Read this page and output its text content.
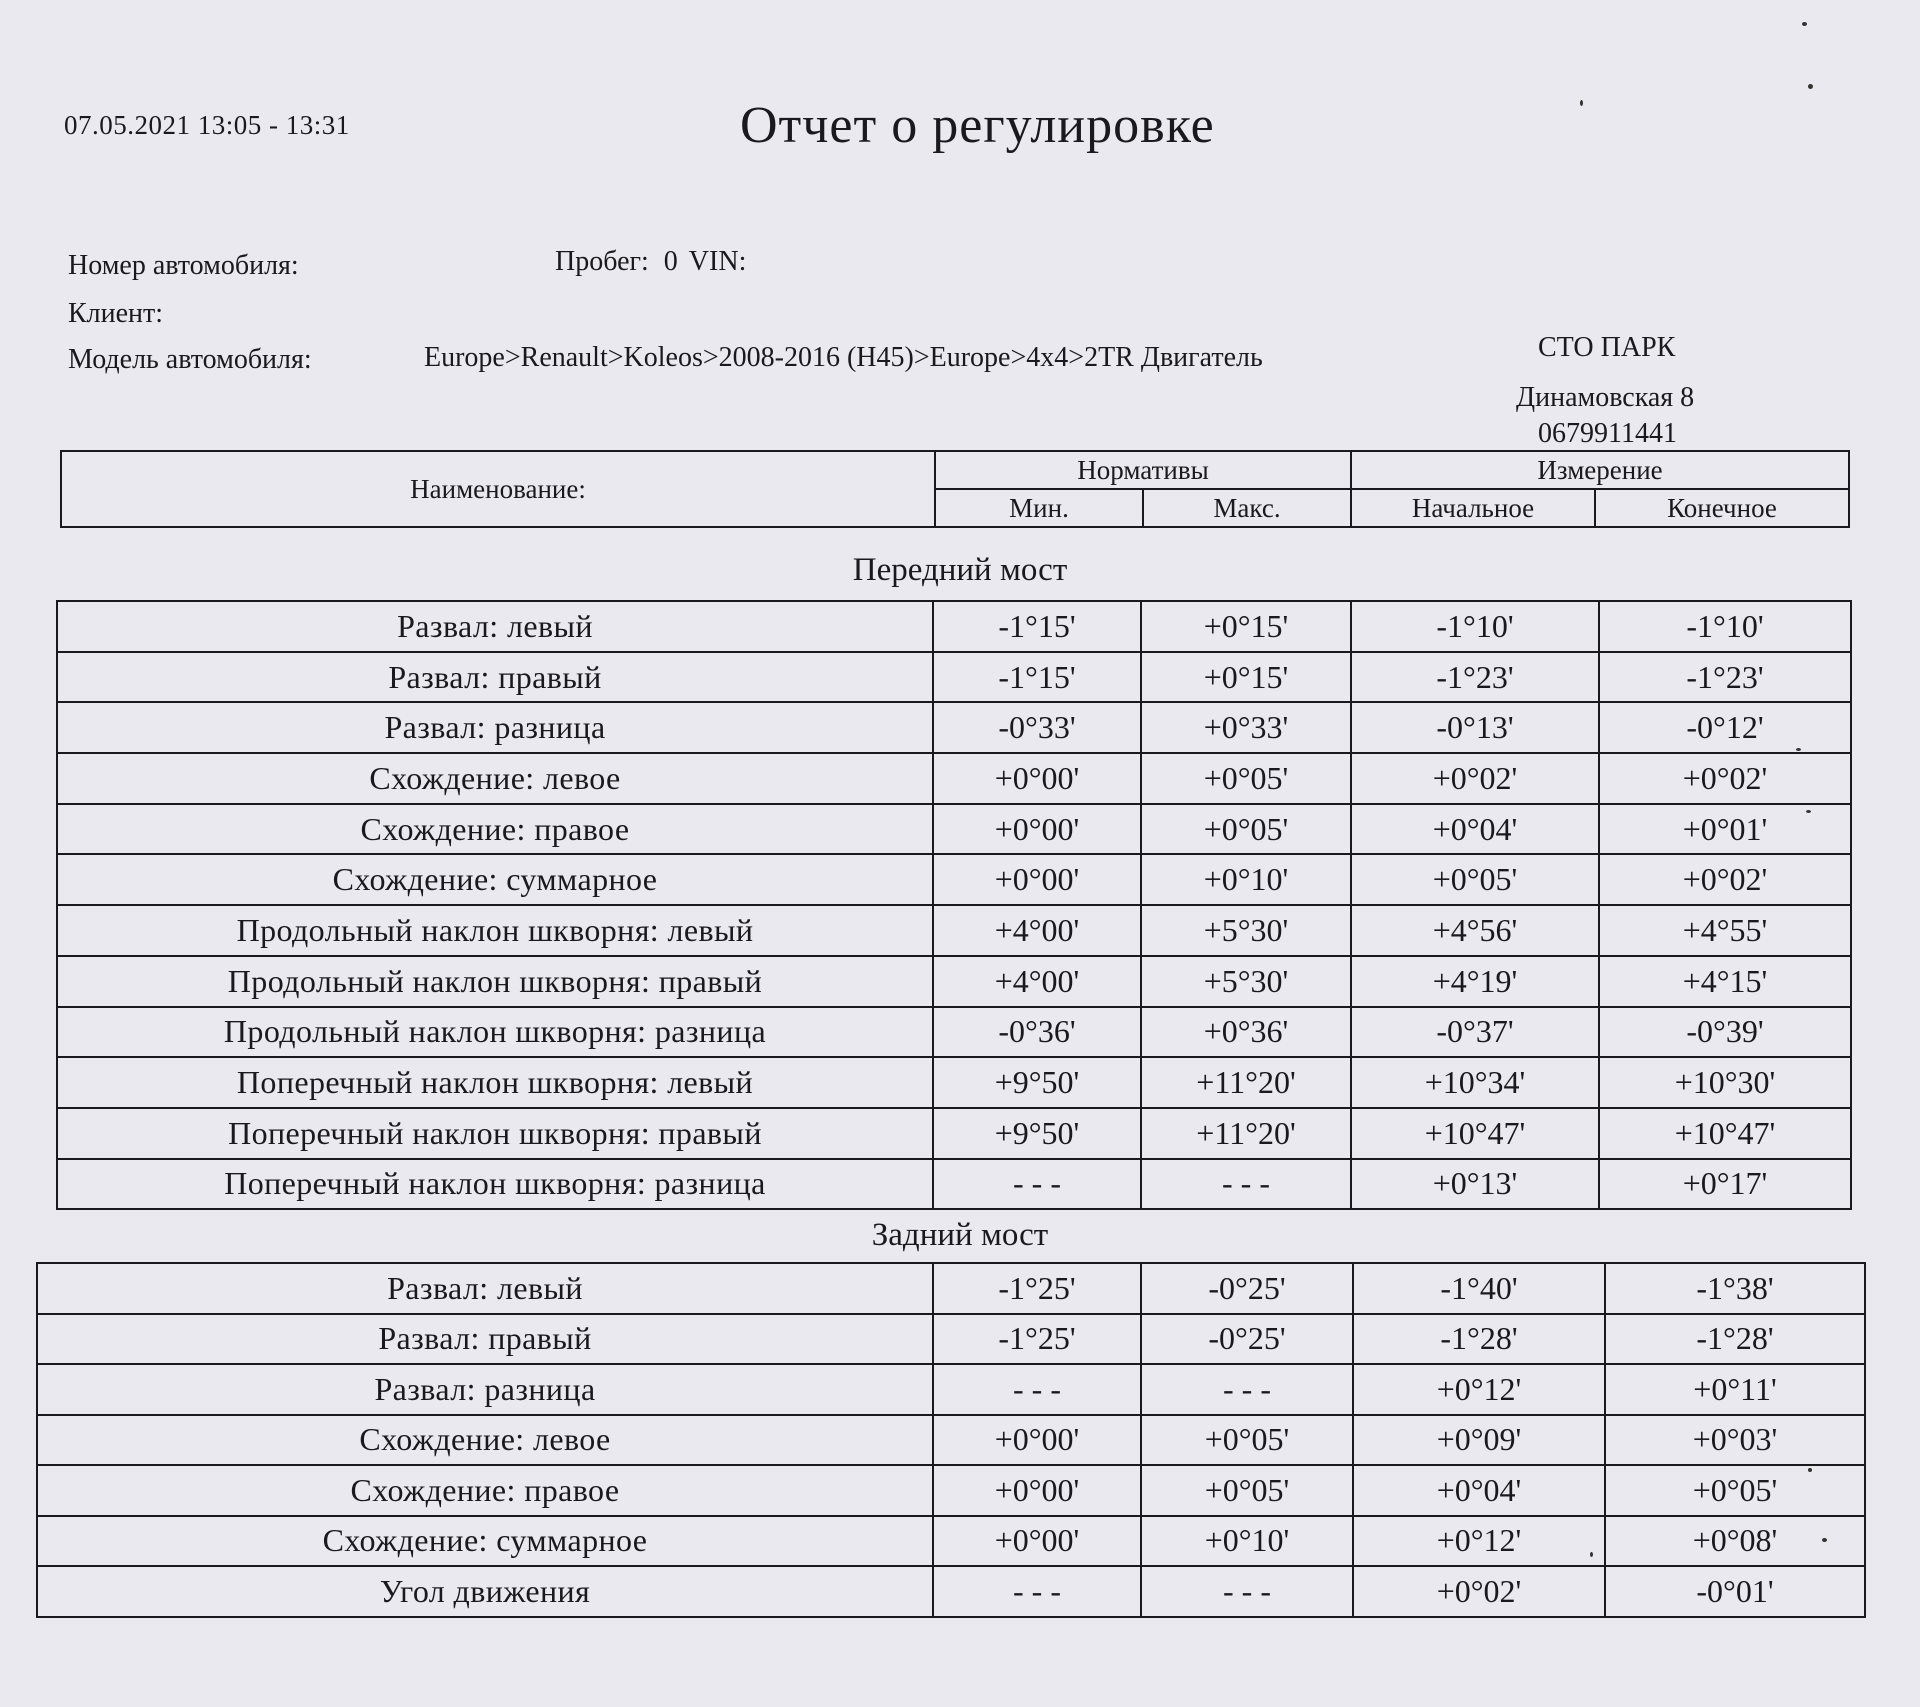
07.05.2021 13:05 - 13:31	Отчет о регулировке
Номер автомобиля:	Пробег: 0 VIN:
Клиент:
Модель автомобиля:	Europe>Renault>Koleos>2008-2016 (H45)>Europe>4x4>2TR Двигатель	СТО ПАРК
Динамовская 8
0679911441
Наименование:	Нормативы		Измерение	
	Мин.	Макс.	Начальное	Конечное
Передний мост
Развал: левый	-1°15'	+0°15'	-1°10'	-1°10'
Развал: правый	-1°15'	+0°15'	-1°23'	-1°23'
Развал: разница	-0°33'	+0°33'	-0°13'	-0°12'
Схождение: левое	+0°00'	+0°05'	+0°02'	+0°02'
Схождение: правое	+0°00'	+0°05'	+0°04'	+0°01'
Схождение: суммарное	+0°00'	+0°10'	+0°05'	+0°02'
Продольный наклон шкворня: левый	+4°00'	+5°30'	+4°56'	+4°55'
Продольный наклон шкворня: правый	+4°00'	+5°30'	+4°19'	+4°15'
Продольный наклон шкворня: разница	-0°36'	+0°36'	-0°37'	-0°39'
Поперечный наклон шкворня: левый	+9°50'	+11°20'	+10°34'	+10°30'
Поперечный наклон шкворня: правый	+9°50'	+11°20'	+10°47'	+10°47'
Поперечный наклон шкворня: разница	- - -	- - -	+0°13'	+0°17'
Задний мост
Развал: левый	-1°25'	-0°25'	-1°40'	-1°38'
Развал: правый	-1°25'	-0°25'	-1°28'	-1°28'
Развал: разница	- - -	- - -	+0°12'	+0°11'
Схождение: левое	+0°00'	+0°05'	+0°09'	+0°03'
Схождение: правое	+0°00'	+0°05'	+0°04'	+0°05'
Схождение: суммарное	+0°00'	+0°10'	+0°12'	+0°08'
Угол движения	- - -	- - -	+0°02'	-0°01'
